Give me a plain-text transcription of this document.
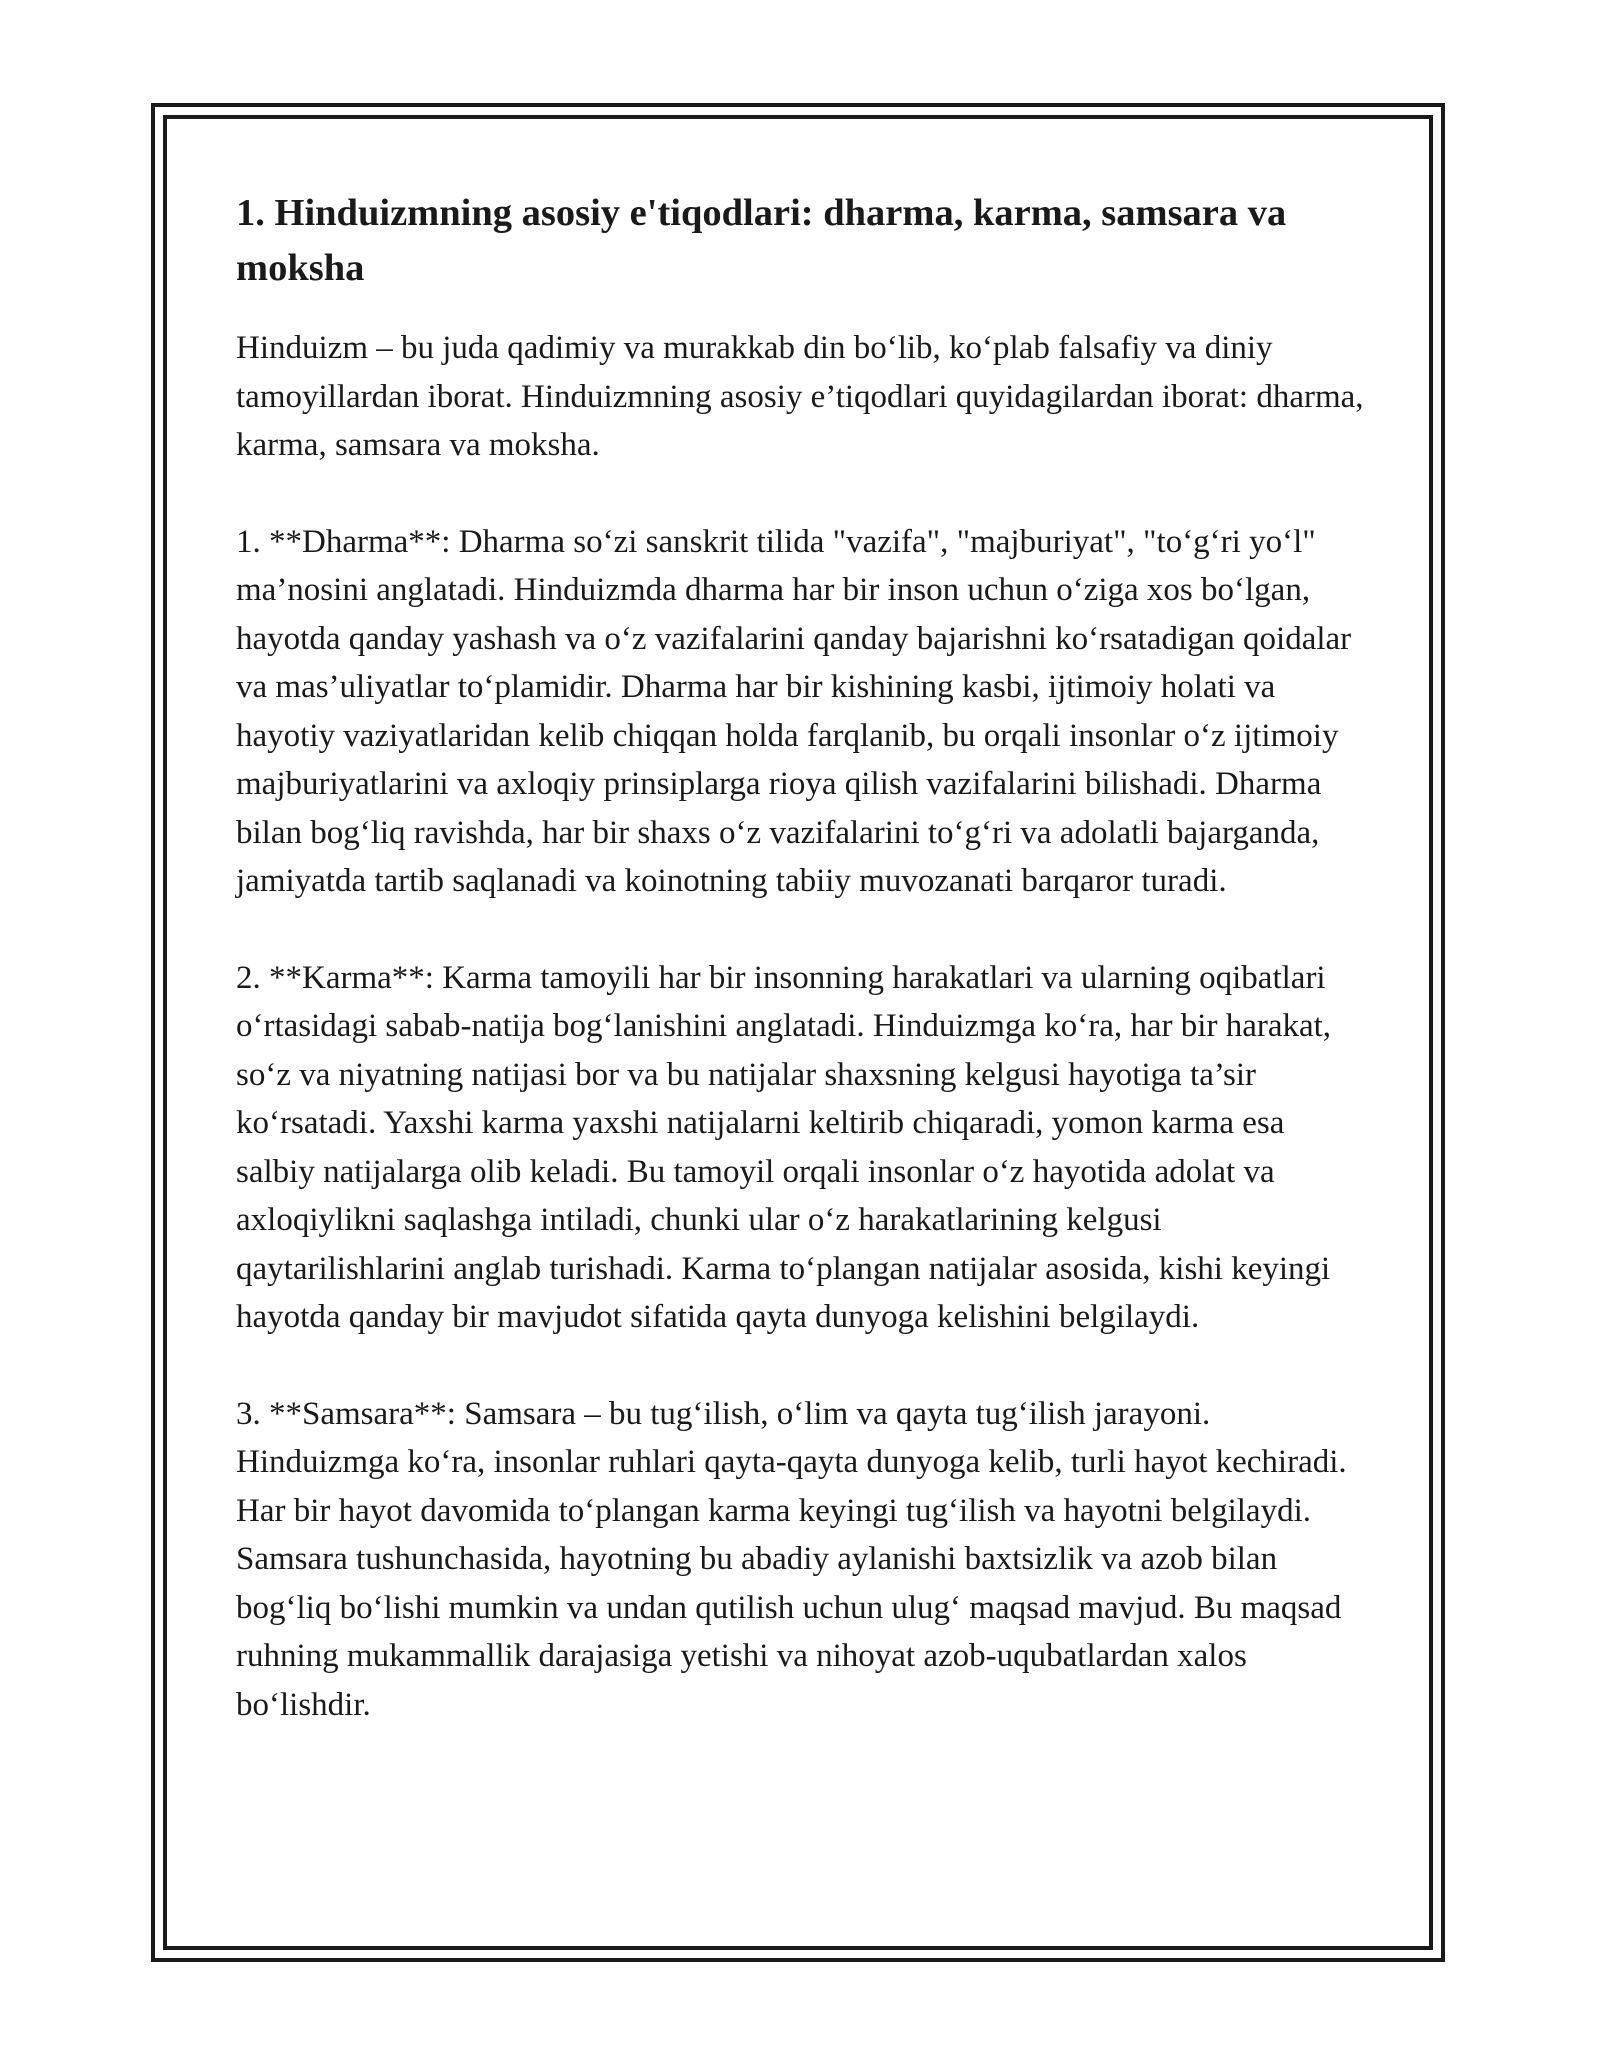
1. Hinduizmning asosiy e'tiqodlari: dharma, karma, samsara va moksha

Hinduizm – bu juda qadimiy va murakkab din bo‘lib, ko‘plab falsafiy va diniy tamoyillardan iborat. Hinduizmning asosiy e’tiqodlari quyidagilardan iborat: dharma, karma, samsara va moksha.

1. **Dharma**: Dharma so‘zi sanskrit tilida "vazifa", "majburiyat", "to‘g‘ri yo‘l" ma’nosini anglatadi. Hinduizmda dharma har bir inson uchun o‘ziga xos bo‘lgan, hayotda qanday yashash va o‘z vazifalarini qanday bajarishni ko‘rsatadigan qoidalar va mas’uliyatlar to‘plamidir. Dharma har bir kishining kasbi, ijtimoiy holati va hayotiy vaziyatlaridan kelib chiqqan holda farqlanib, bu orqali insonlar o‘z ijtimoiy majburiyatlarini va axloqiy prinsiplarga rioya qilish vazifalarini bilishadi. Dharma bilan bog‘liq ravishda, har bir shaxs o‘z vazifalarini to‘g‘ri va adolatli bajarganda, jamiyatda tartib saqlanadi va koinotning tabiiy muvozanati barqaror turadi.

2. **Karma**: Karma tamoyili har bir insonning harakatlari va ularning oqibatlari o‘rtasidagi sabab-natija bog‘lanishini anglatadi. Hinduizmga ko‘ra, har bir harakat, so‘z va niyatning natijasi bor va bu natijalar shaxsning kelgusi hayotiga ta’sir ko‘rsatadi. Yaxshi karma yaxshi natijalarni keltirib chiqaradi, yomon karma esa salbiy natijalarga olib keladi. Bu tamoyil orqali insonlar o‘z hayotida adolat va axloqiylikni saqlashga intiladi, chunki ular o‘z harakatlarining kelgusi qaytarilishlarini anglab turishadi. Karma to‘plangan natijalar asosida, kishi keyingi hayotda qanday bir mavjudot sifatida qayta dunyoga kelishini belgilaydi.

3. **Samsara**: Samsara – bu tug‘ilish, o‘lim va qayta tug‘ilish jarayoni. Hinduizmga ko‘ra, insonlar ruhlari qayta-qayta dunyoga kelib, turli hayot kechiradi. Har bir hayot davomida to‘plangan karma keyingi tug‘ilish va hayotni belgilaydi. Samsara tushunchasida, hayotning bu abadiy aylanishi baxtsizlik va azob bilan bog‘liq bo‘lishi mumkin va undan qutilish uchun ulug‘ maqsad mavjud. Bu maqsad ruhning mukammallik darajasiga yetishi va nihoyat azob-uqubatlardan xalos bo‘lishdir.
